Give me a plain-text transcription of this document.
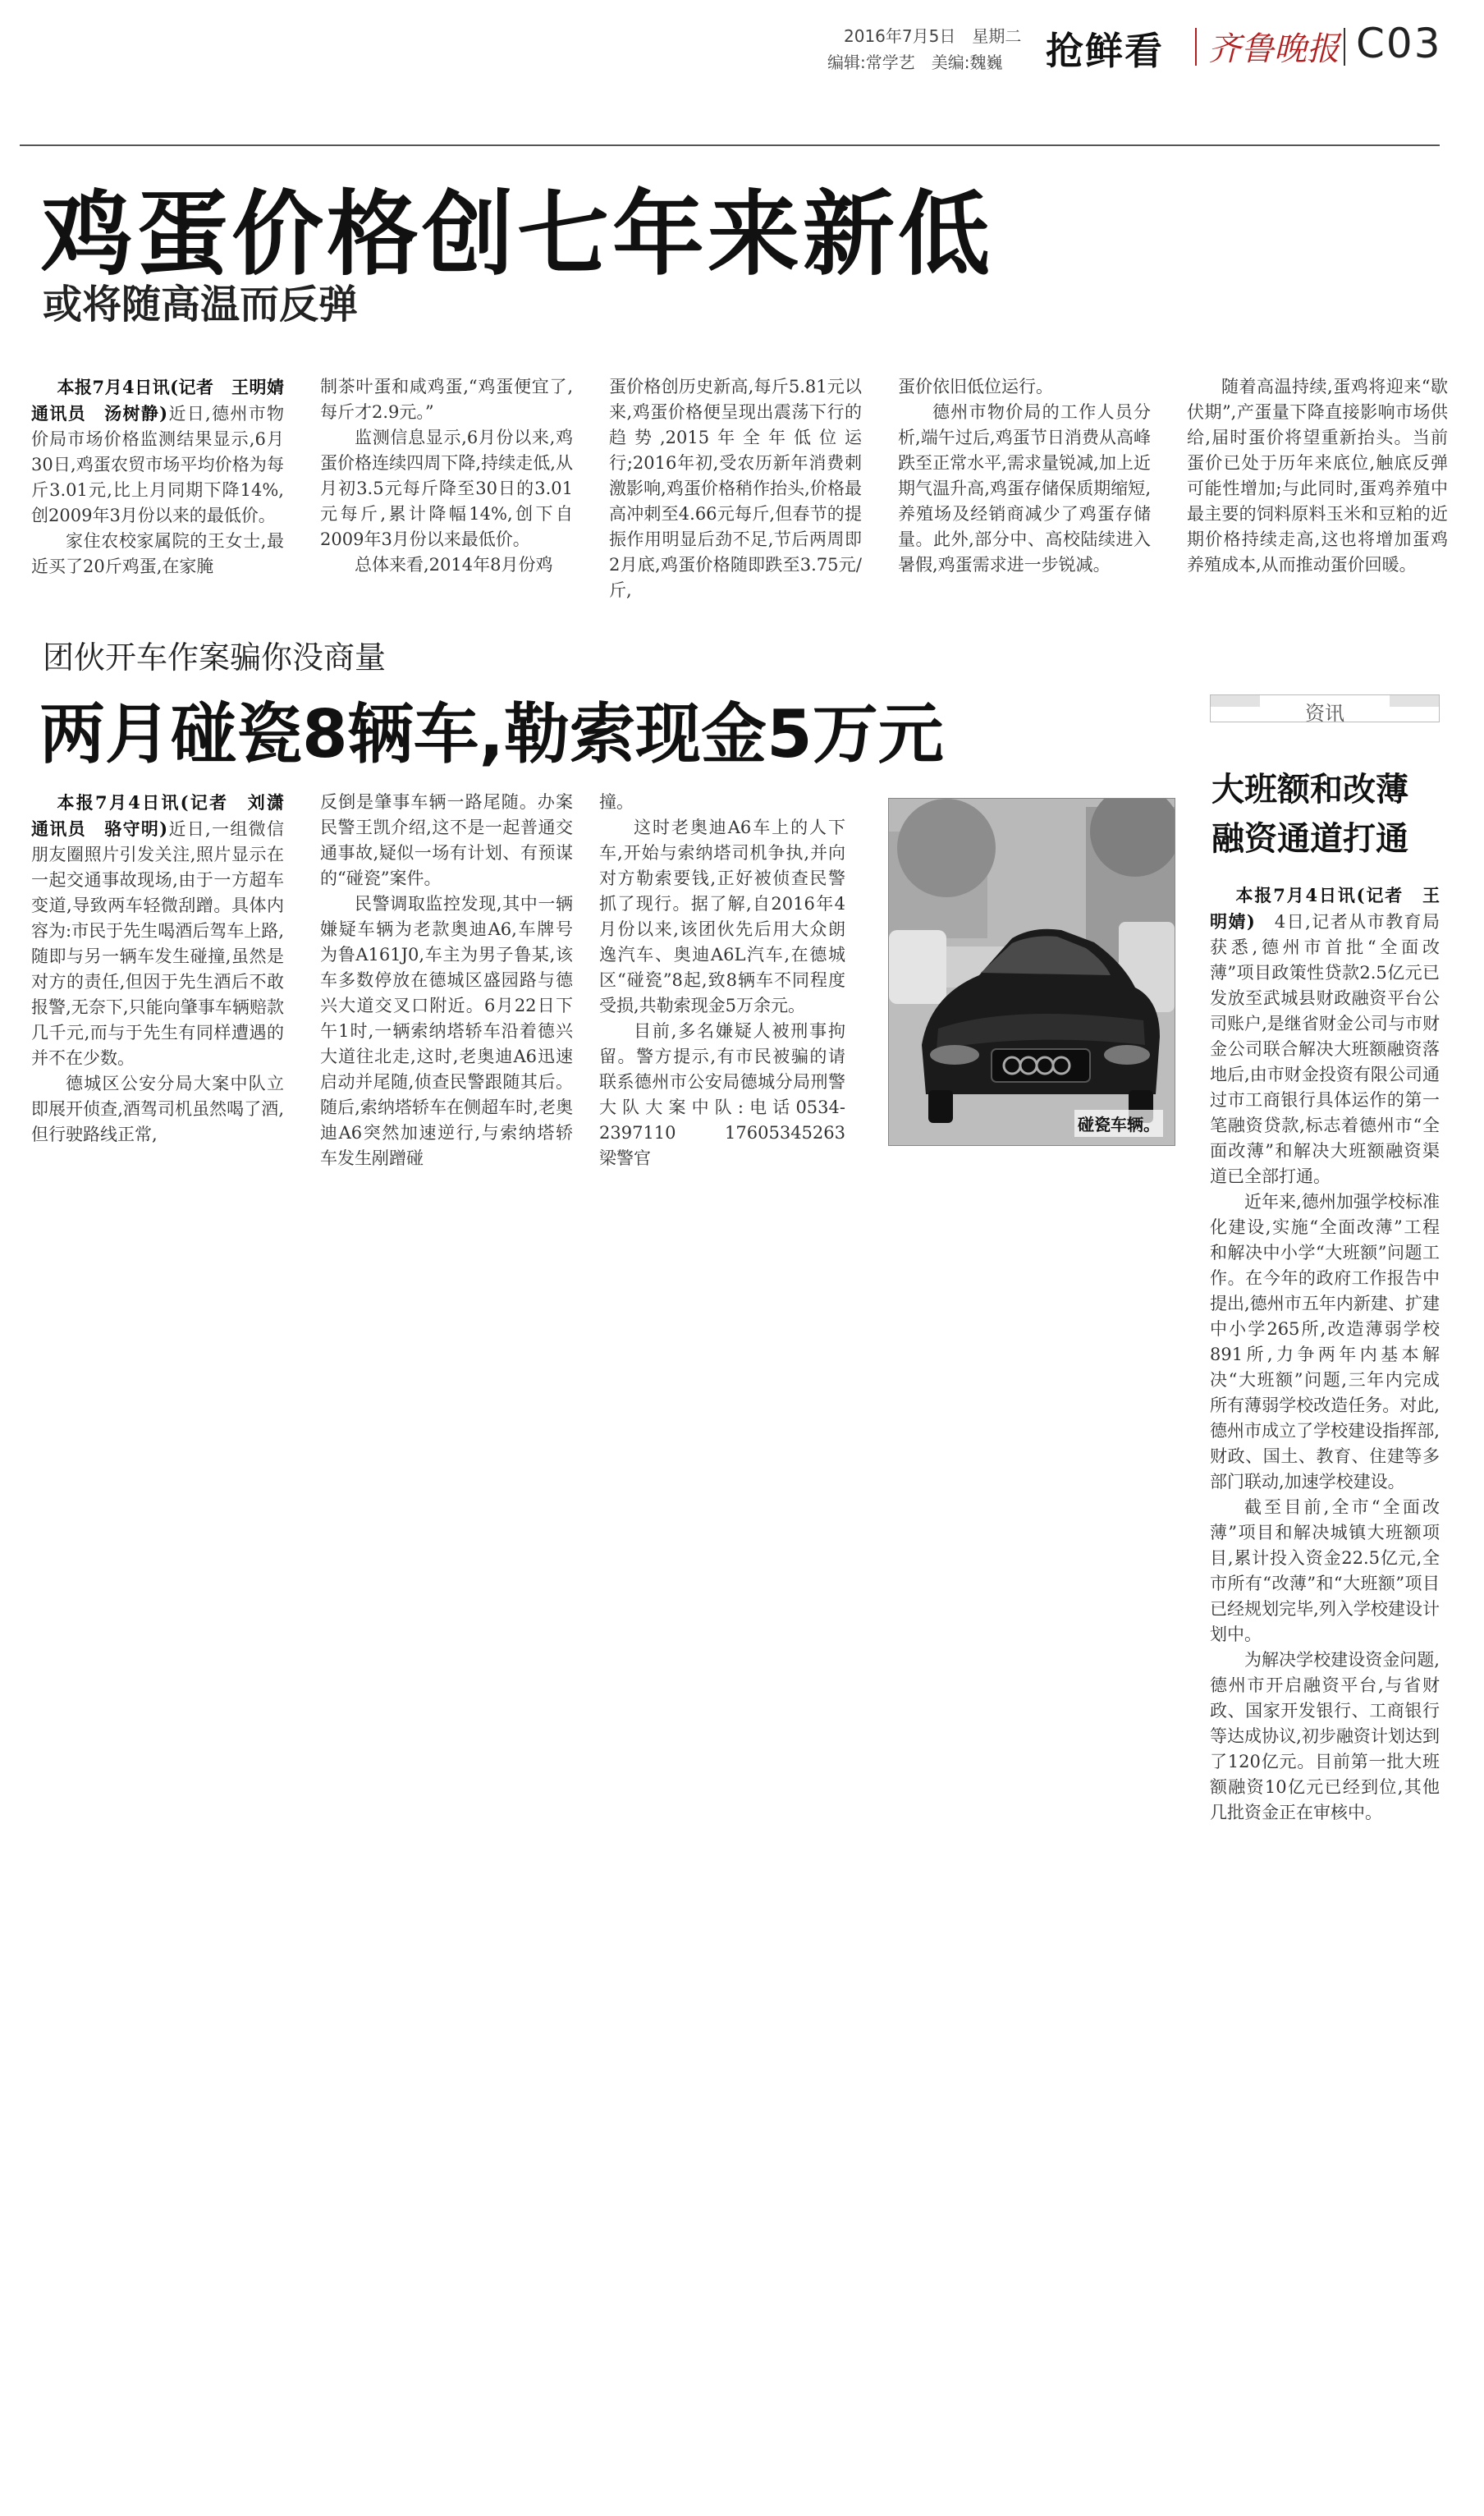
2016年7月5日　星期二
编辑:常学艺　美编:魏巍 抢鲜看 齐鲁晚报 C03
鸡蛋价格创七年来新低
或将随高温而反弹

本报7月4日讯(记者　王明婧　通讯员　汤树静)近日,德州市物价局市场价格监测结果显示,6月30日,鸡蛋农贸市场平均价格为每斤3.01元,比上月同期下降14%,创2009年3月份以来的最低价。

家住农校家属院的王女士,最近买了20斤鸡蛋,在家腌

制茶叶蛋和咸鸡蛋,“鸡蛋便宜了,每斤才2.9元。”

监测信息显示,6月份以来,鸡蛋价格连续四周下降,持续走低,从月初3.5元每斤降至30日的3.01元每斤,累计降幅14%,创下自2009年3月份以来最低价。

总体来看,2014年8月份鸡

蛋价格创历史新高,每斤5.81元以来,鸡蛋价格便呈现出震荡下行的趋势,2015年全年低位运行;2016年初,受农历新年消费刺激影响,鸡蛋价格稍作抬头,价格最高冲刺至4.66元每斤,但春节的提振作用明显后劲不足,节后两周即2月底,鸡蛋价格随即跌至3.75元/斤,

蛋价依旧低位运行。

德州市物价局的工作人员分析,端午过后,鸡蛋节日消费从高峰跌至正常水平,需求量锐减,加上近期气温升高,鸡蛋存储保质期缩短,养殖场及经销商减少了鸡蛋存储量。此外,部分中、高校陆续进入暑假,鸡蛋需求进一步锐减。

随着高温持续,蛋鸡将迎来“歇伏期”,产蛋量下降直接影响市场供给,届时蛋价将望重新抬头。当前蛋价已处于历年来底位,触底反弹可能性增加;与此同时,蛋鸡养殖中最主要的饲料原料玉米和豆粕的近期价格持续走高,这也将增加蛋鸡养殖成本,从而推动蛋价回暖。

团伙开车作案骗你没商量
两月碰瓷8辆车,勒索现金5万元

本报7月4日讯(记者　刘潇　通讯员　骆守明)近日,一组微信朋友圈照片引发关注,照片显示在一起交通事故现场,由于一方超车变道,导致两车轻微刮蹭。具体内容为:市民于先生喝酒后驾车上路,随即与另一辆车发生碰撞,虽然是对方的责任,但因于先生酒后不敢报警,无奈下,只能向肇事车辆赔款几千元,而与于先生有同样遭遇的并不在少数。

德城区公安分局大案中队立即展开侦查,酒驾司机虽然喝了酒,但行驶路线正常,

反倒是肇事车辆一路尾随。办案民警王凯介绍,这不是一起普通交通事故,疑似一场有计划、有预谋的“碰瓷”案件。

民警调取监控发现,其中一辆嫌疑车辆为老款奥迪A6,车牌号为鲁A161J0,车主为男子鲁某,该车多数停放在德城区盛园路与德兴大道交叉口附近。6月22日下午1时,一辆索纳塔轿车沿着德兴大道往北走,这时,老奥迪A6迅速启动并尾随,侦查民警跟随其后。随后,索纳塔轿车在侧超车时,老奥迪A6突然加速逆行,与索纳塔轿车发生剐蹭碰

撞。

这时老奥迪A6车上的人下车,开始与索纳塔司机争执,并向对方勒索要钱,正好被侦查民警抓了现行。据了解,自2016年4月份以来,该团伙先后用大众朗逸汽车、奥迪A6L汽车,在德城区“碰瓷”8起,致8辆车不同程度受损,共勒索现金5万余元。

目前,多名嫌疑人被刑事拘留。警方提示,有市民被骗的请联系德州市公安局德城分局刑警大队大案中队:电话0534-2397110　17605345263　梁警官

碰瓷车辆。
资讯
大班额和改薄
融资通道打通

本报7月4日讯(记者　王明婧)　 4日,记者从市教育局获悉,德州市首批“全面改薄”项目政策性贷款2.5亿元已发放至武城县财政融资平台公司账户,是继省财金公司与市财金公司联合解决大班额融资落地后,由市财金投资有限公司通过市工商银行具体运作的第一笔融资贷款,标志着德州市“全面改薄”和解决大班额融资渠道已全部打通。

近年来,德州加强学校标准化建设,实施“全面改薄”工程和解决中小学“大班额”问题工作。在今年的政府工作报告中提出,德州市五年内新建、扩建中小学265所,改造薄弱学校891所,力争两年内基本解决“大班额”问题,三年内完成所有薄弱学校改造任务。对此,德州市成立了学校建设指挥部,财政、国土、教育、住建等多部门联动,加速学校建设。

截至目前,全市“全面改薄”项目和解决城镇大班额项目,累计投入资金22.5亿元,全市所有“改薄”和“大班额”项目已经规划完毕,列入学校建设计划中。

为解决学校建设资金问题,德州市开启融资平台,与省财政、国家开发银行、工商银行等达成协议,初步融资计划达到了120亿元。目前第一批大班额融资10亿元已经到位,其他几批资金正在审核中。
